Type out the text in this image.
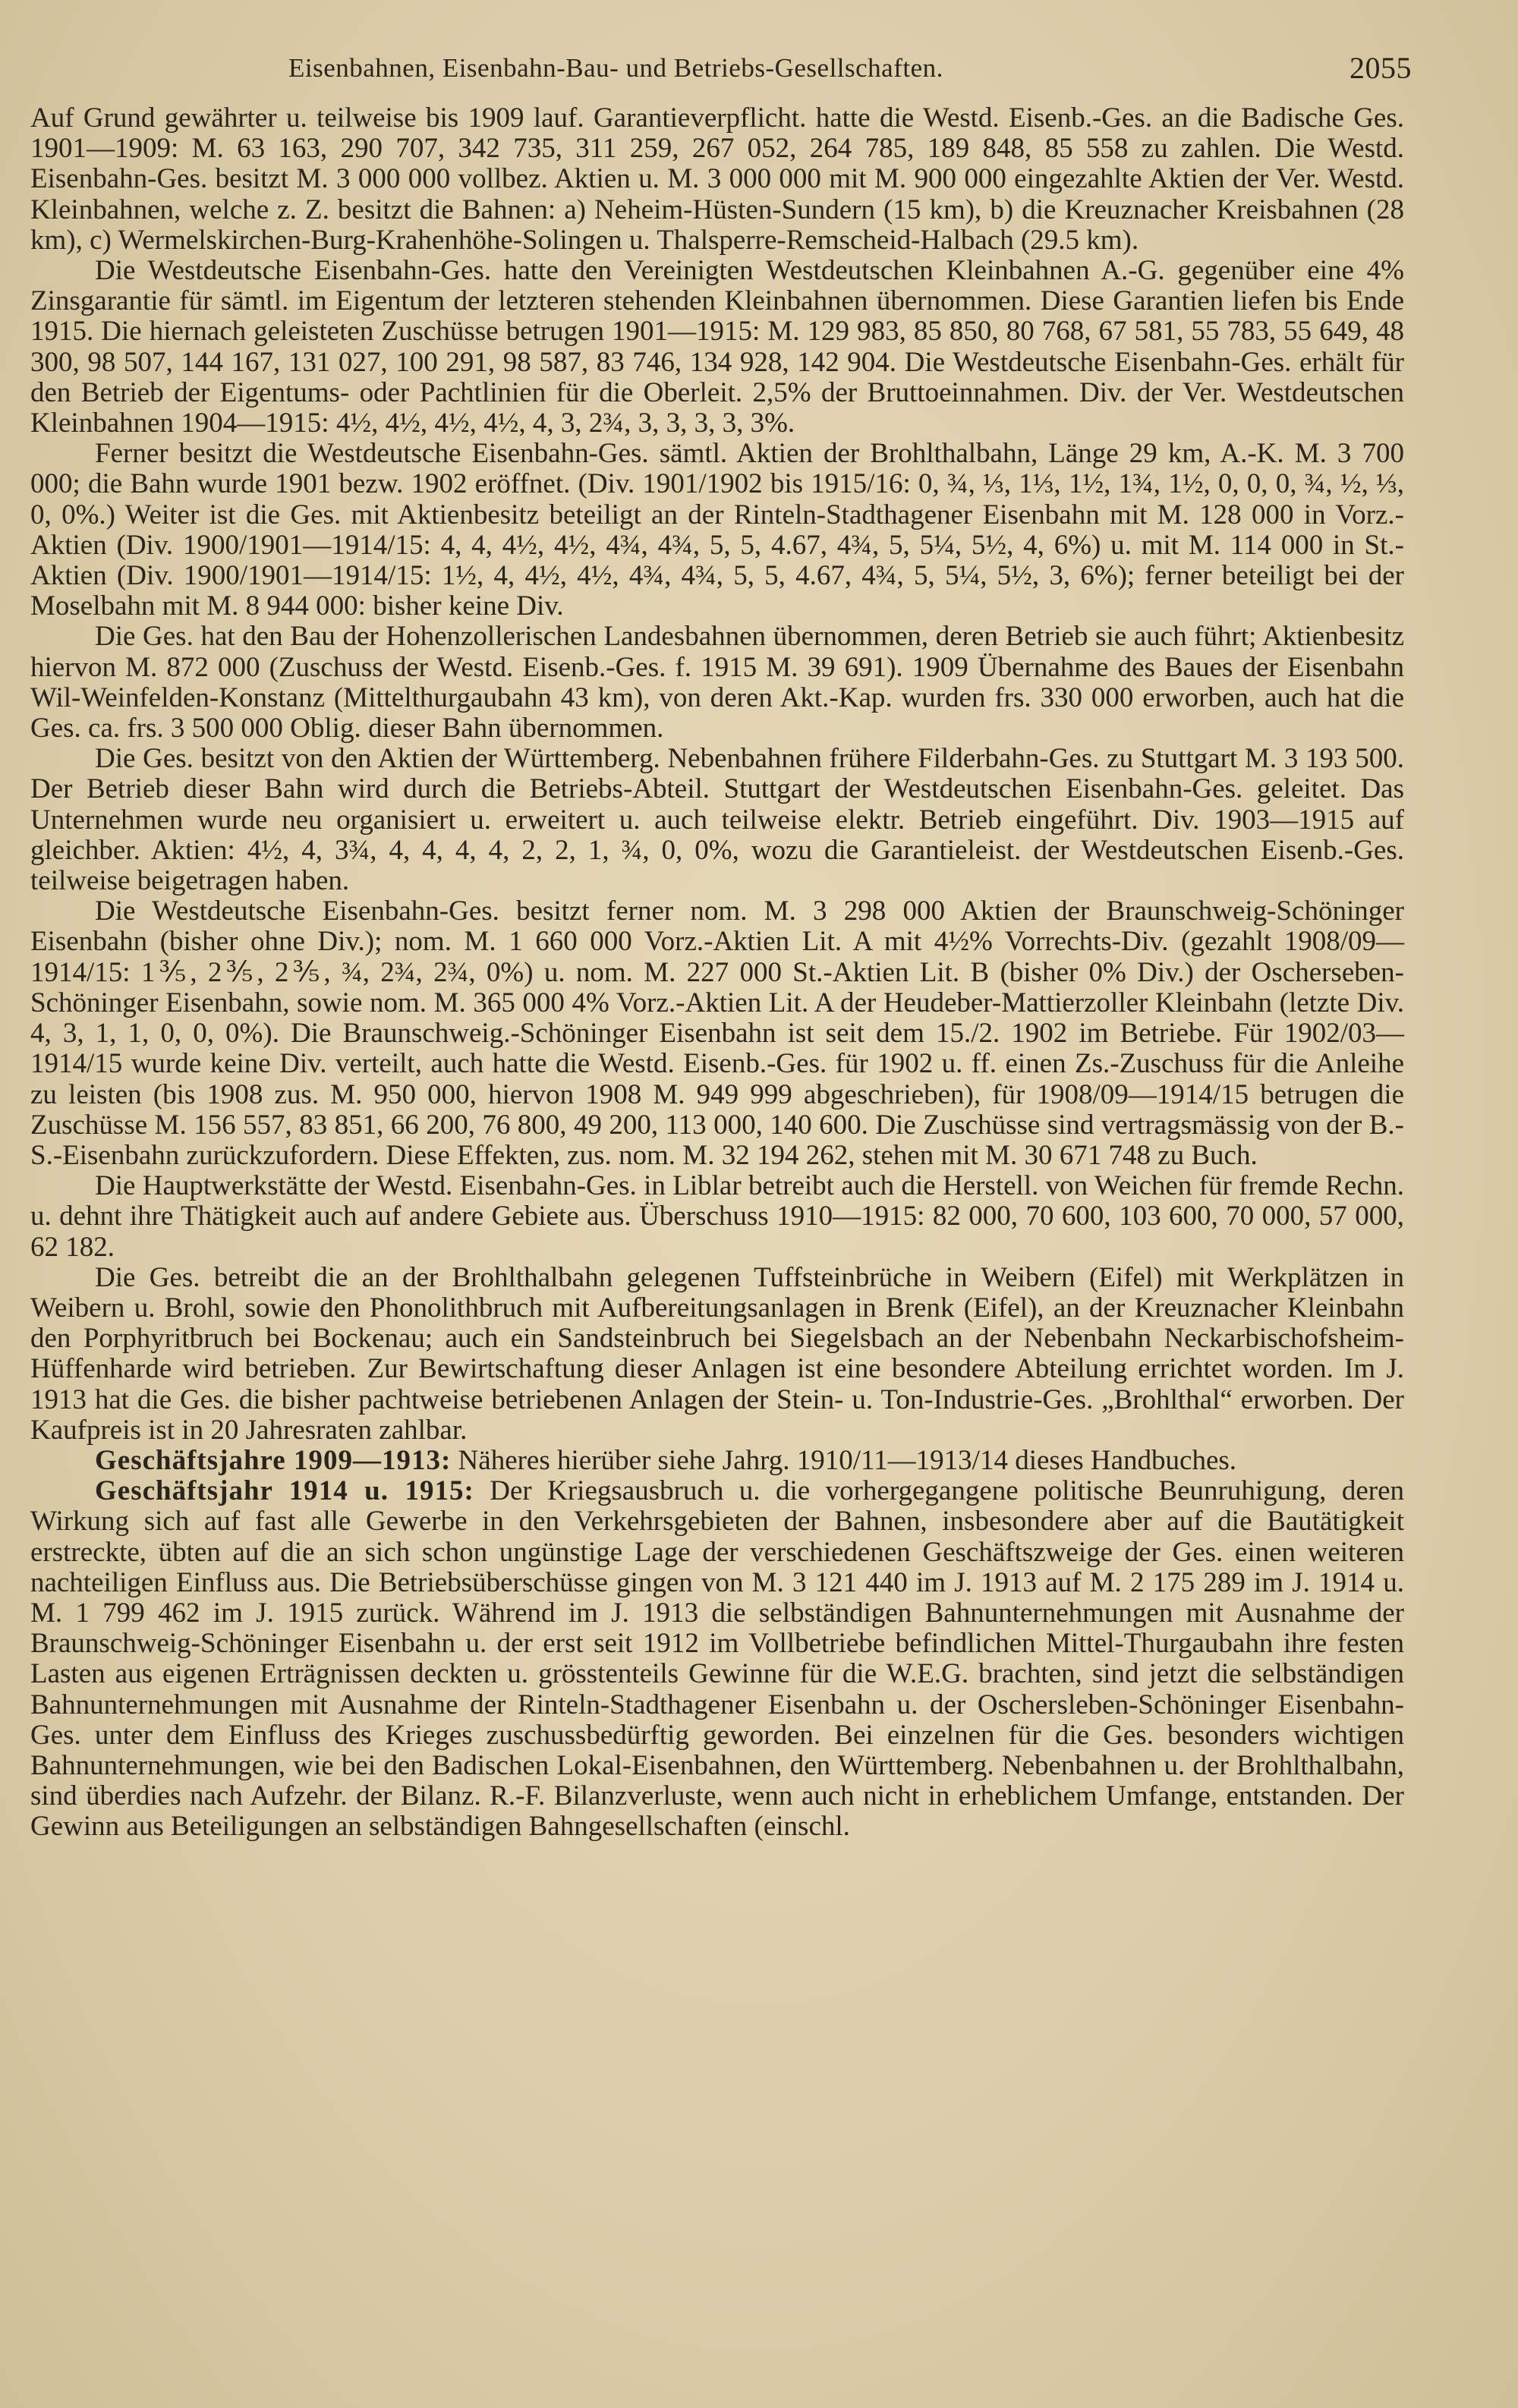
Eisenbahnen, Eisenbahn-Bau- und Betriebs-Gesellschaften.	2055

Auf Grund gewährter u. teilweise bis 1909 lauf. Garantieverpflicht. hatte die Westd. Eisenb.-Ges. an die Badische Ges. 1901—1909: M. 63 163, 290 707, 342 735, 311 259, 267 052, 264 785, 189 848, 85 558 zu zahlen. Die Westd. Eisenbahn-Ges. besitzt M. 3 000 000 vollbez. Aktien u. M. 3 000 000 mit M. 900 000 eingezahlte Aktien der Ver. Westd. Kleinbahnen, welche z. Z. besitzt die Bahnen: a) Neheim-Hüsten-Sundern (15 km), b) die Kreuznacher Kreisbahnen (28 km), c) Wermelskirchen-Burg-Krahenhöhe-Solingen u. Thalsperre-Remscheid-Halbach (29.5 km).

Die Westdeutsche Eisenbahn-Ges. hatte den Vereinigten Westdeutschen Kleinbahnen A.-G. gegenüber eine 4% Zinsgarantie für sämtl. im Eigentum der letzteren stehenden Kleinbahnen übernommen. Diese Garantien liefen bis Ende 1915. Die hiernach geleisteten Zuschüsse betrugen 1901—1915: M. 129 983, 85 850, 80 768, 67 581, 55 783, 55 649, 48 300, 98 507, 144 167, 131 027, 100 291, 98 587, 83 746, 134 928, 142 904. Die Westdeutsche Eisenbahn-Ges. erhält für den Betrieb der Eigentums- oder Pachtlinien für die Oberleit. 2,5% der Bruttoeinnahmen. Div. der Ver. Westdeutschen Kleinbahnen 1904—1915: 4½, 4½, 4½, 4½, 4, 3, 2¾, 3, 3, 3, 3, 3%.

Ferner besitzt die Westdeutsche Eisenbahn-Ges. sämtl. Aktien der Brohlthalbahn, Länge 29 km, A.-K. M. 3 700 000; die Bahn wurde 1901 bezw. 1902 eröffnet. (Div. 1901/1902 bis 1915/16: 0, ¾, ⅓, 1⅓, 1½, 1¾, 1½, 0, 0, 0, ¾, ½, ⅓, 0, 0%.) Weiter ist die Ges. mit Aktienbesitz beteiligt an der Rinteln-Stadthagener Eisenbahn mit M. 128 000 in Vorz.-Aktien (Div. 1900/1901—1914/15: 4, 4, 4½, 4½, 4¾, 4¾, 5, 5, 4.67, 4¾, 5, 5¼, 5½, 4, 6%) u. mit M. 114 000 in St.-Aktien (Div. 1900/1901—1914/15: 1½, 4, 4½, 4½, 4¾, 4¾, 5, 5, 4.67, 4¾, 5, 5¼, 5½, 3, 6%); ferner beteiligt bei der Moselbahn mit M. 8 944 000: bisher keine Div.

Die Ges. hat den Bau der Hohenzollerischen Landesbahnen übernommen, deren Betrieb sie auch führt; Aktienbesitz hiervon M. 872 000 (Zuschuss der Westd. Eisenb.-Ges. f. 1915 M. 39 691). 1909 Übernahme des Baues der Eisenbahn Wil-Weinfelden-Konstanz (Mittelthurgaubahn 43 km), von deren Akt.-Kap. wurden frs. 330 000 erworben, auch hat die Ges. ca. frs. 3 500 000 Oblig. dieser Bahn übernommen.

Die Ges. besitzt von den Aktien der Württemberg. Nebenbahnen frühere Filderbahn-Ges. zu Stuttgart M. 3 193 500. Der Betrieb dieser Bahn wird durch die Betriebs-Abteil. Stuttgart der Westdeutschen Eisenbahn-Ges. geleitet. Das Unternehmen wurde neu organisiert u. erweitert u. auch teilweise elektr. Betrieb eingeführt. Div. 1903—1915 auf gleichber. Aktien: 4½, 4, 3¾, 4, 4, 4, 4, 2, 2, 1, ¾, 0, 0%, wozu die Garantieleist. der Westdeutschen Eisenb.-Ges. teilweise beigetragen haben.

Die Westdeutsche Eisenbahn-Ges. besitzt ferner nom. M. 3 298 000 Aktien der Braunschweig-Schöninger Eisenbahn (bisher ohne Div.); nom. M. 1 660 000 Vorz.-Aktien Lit. A mit 4½% Vorrechts-Div. (gezahlt 1908/09—1914/15: 1⅗, 2⅗, 2⅗, ¾, 2¾, 2¾, 0%) u. nom. M. 227 000 St.-Aktien Lit. B (bisher 0% Div.) der Oscherseben-Schöninger Eisenbahn, sowie nom. M. 365 000 4% Vorz.-Aktien Lit. A der Heudeber-Mattierzoller Kleinbahn (letzte Div. 4, 3, 1, 1, 0, 0, 0%). Die Braunschweig.-Schöninger Eisenbahn ist seit dem 15./2. 1902 im Betriebe. Für 1902/03—1914/15 wurde keine Div. verteilt, auch hatte die Westd. Eisenb.-Ges. für 1902 u. ff. einen Zs.-Zuschuss für die Anleihe zu leisten (bis 1908 zus. M. 950 000, hiervon 1908 M. 949 999 abgeschrieben), für 1908/09—1914/15 betrugen die Zuschüsse M. 156 557, 83 851, 66 200, 76 800, 49 200, 113 000, 140 600. Die Zuschüsse sind vertragsmässig von der B.-S.-Eisenbahn zurückzufordern. Diese Effekten, zus. nom. M. 32 194 262, stehen mit M. 30 671 748 zu Buch.

Die Hauptwerkstätte der Westd. Eisenbahn-Ges. in Liblar betreibt auch die Herstell. von Weichen für fremde Rechn. u. dehnt ihre Thätigkeit auch auf andere Gebiete aus. Überschuss 1910—1915: 82 000, 70 600, 103 600, 70 000, 57 000, 62 182.

Die Ges. betreibt die an der Brohlthalbahn gelegenen Tuffsteinbrüche in Weibern (Eifel) mit Werkplätzen in Weibern u. Brohl, sowie den Phonolithbruch mit Aufbereitungsanlagen in Brenk (Eifel), an der Kreuznacher Kleinbahn den Porphyritbruch bei Bockenau; auch ein Sandsteinbruch bei Siegelsbach an der Nebenbahn Neckarbischofsheim-Hüffenharde wird betrieben. Zur Bewirtschaftung dieser Anlagen ist eine besondere Abteilung errichtet worden. Im J. 1913 hat die Ges. die bisher pachtweise betriebenen Anlagen der Stein- u. Ton-Industrie-Ges. „Brohlthal“ erworben. Der Kaufpreis ist in 20 Jahresraten zahlbar.

Geschäftsjahre 1909—1913: Näheres hierüber siehe Jahrg. 1910/11—1913/14 dieses Handbuches.

Geschäftsjahr 1914 u. 1915: Der Kriegsausbruch u. die vorhergegangene politische Beunruhigung, deren Wirkung sich auf fast alle Gewerbe in den Verkehrsgebieten der Bahnen, insbesondere aber auf die Bautätigkeit erstreckte, übten auf die an sich schon ungünstige Lage der verschiedenen Geschäftszweige der Ges. einen weiteren nachteiligen Einfluss aus. Die Betriebsüberschüsse gingen von M. 3 121 440 im J. 1913 auf M. 2 175 289 im J. 1914 u. M. 1 799 462 im J. 1915 zurück. Während im J. 1913 die selbständigen Bahnunternehmungen mit Ausnahme der Braunschweig-Schöninger Eisenbahn u. der erst seit 1912 im Vollbetriebe befindlichen Mittel-Thurgaubahn ihre festen Lasten aus eigenen Erträgnissen deckten u. grösstenteils Gewinne für die W.E.G. brachten, sind jetzt die selbständigen Bahnunternehmungen mit Ausnahme der Rinteln-Stadthagener Eisenbahn u. der Oschersleben-Schöninger Eisenbahn-Ges. unter dem Einfluss des Krieges zuschussbedürftig geworden. Bei einzelnen für die Ges. besonders wichtigen Bahnunternehmungen, wie bei den Badischen Lokal-Eisenbahnen, den Württemberg. Nebenbahnen u. der Brohlthalbahn, sind überdies nach Aufzehr. der Bilanz. R.-F. Bilanzverluste, wenn auch nicht in erheblichem Umfange, entstanden. Der Gewinn aus Beteiligungen an selbständigen Bahngesellschaften (einschl.
